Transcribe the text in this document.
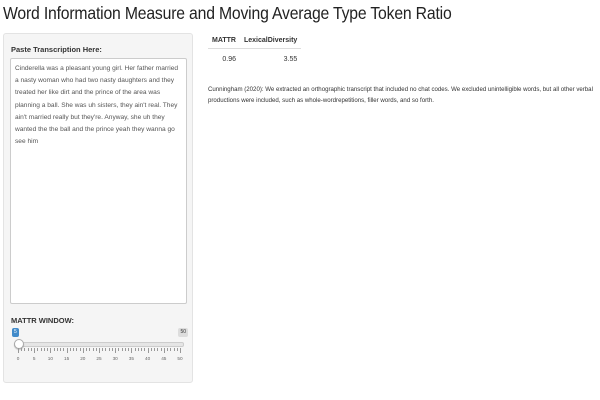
Word Information Measure and Moving Average Type Token Ratio
Paste Transcription Here:
Cinderella was a pleasant young girl. Her father married a nasty woman who had two nasty daughters and they treated her like dirt and the prince of the area was planning a ball. She was uh sisters, they ain't real. They ain't married really but they're. Anyway, she uh they wanted the the ball and the prince yeah they wanna go see him
MATTR WINDOW:
5	50
0	5	10 15 20 25 30 35 40 45 50
MATTR	LexicalDiversity
0.96	3.55
Cunningham (2020): We extracted an orthographic transcript that included no chat codes. We excluded unintelligible words, but all other verbal productions were included, such as whole-wordrepetitions, filler words, and so forth.
